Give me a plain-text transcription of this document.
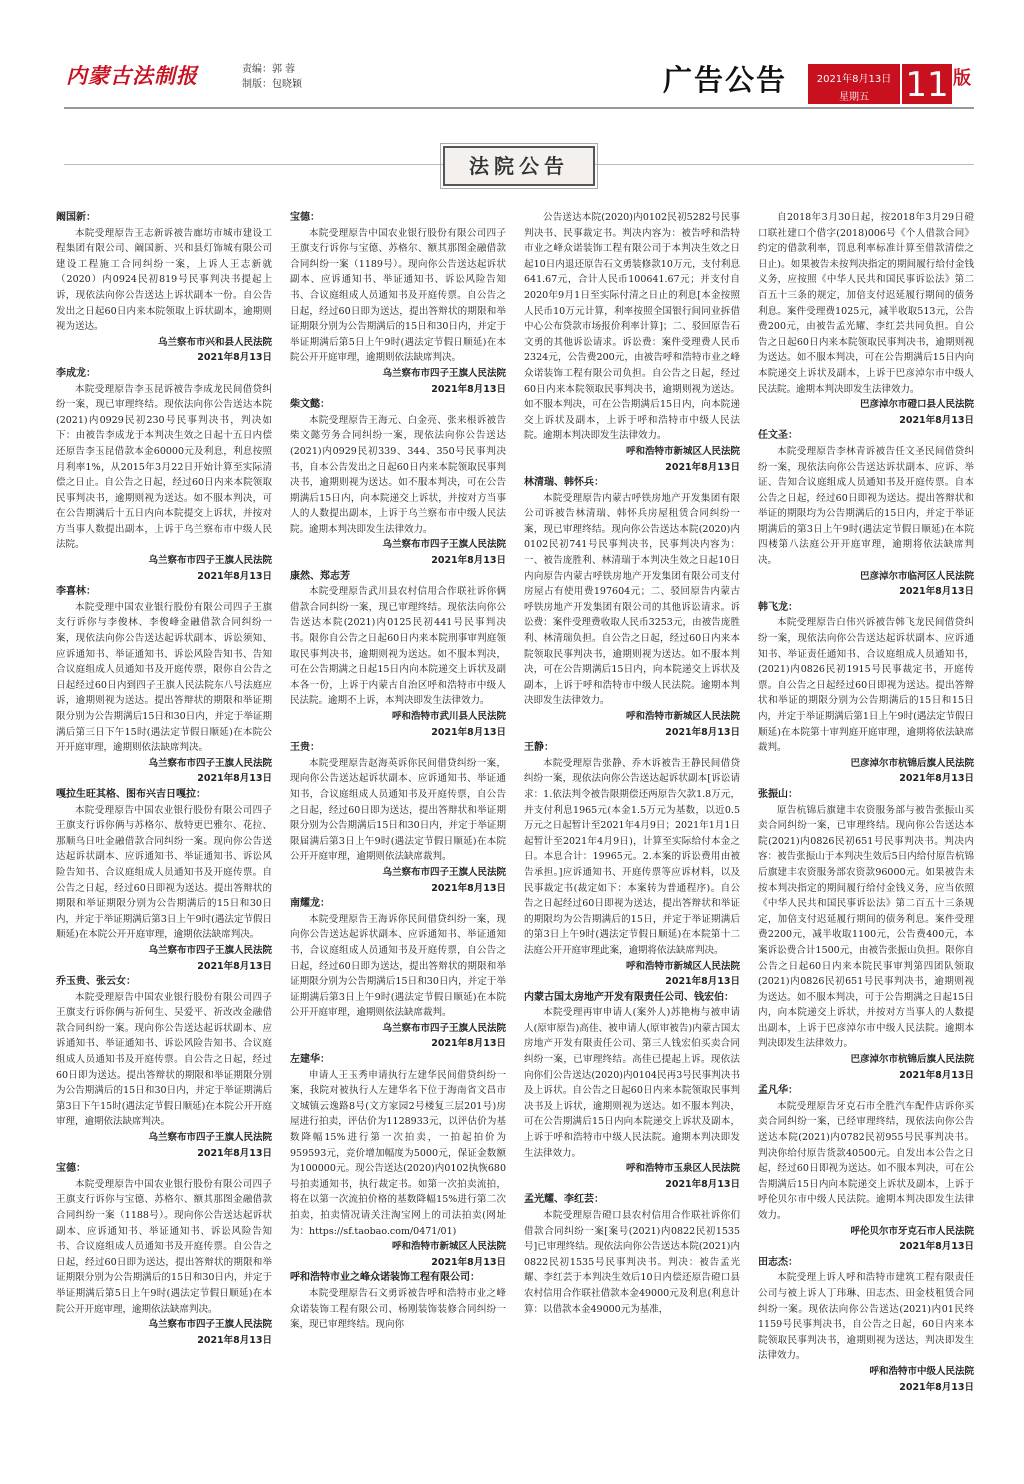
内蒙古法制报	责编：郭 蓉
制版：包晓颖	广告公告	2021年8月13日
星期五	11 版
法院公告
阚国新：
本院受理原告王志新诉被告廊坊市城市建设工程集团有限公司、阚国新、兴和县灯饰城有限公司建设工程施工合同纠纷一案，上诉人王志新就（2020）内0924民初819号民事判决书提起上诉，现依法向你公告送达上诉状副本一份。自公告发出之日起60日内来本院领取上诉状副本，逾期则视为送达。
乌兰察布市兴和县人民法院
2021年8月13日
李成龙：
本院受理原告李玉昆诉被告李成龙民间借贷纠纷一案，现已审理终结。现依法向你公告送达本院(2021)内0929民初230号民事判决书，判决如下：由被告李成龙于本判决生效之日起十五日内偿还原告李玉昆借款本金60000元及利息，利息按照月利率1%，从2015年3月22日开始计算至实际清偿之日止。自公告之日起，经过60日内来本院领取民事判决书，逾期则视为送达。如不服本判决，可在公告期满后十五日内向本院提交上诉状，并按对方当事人数提出副本，上诉于乌兰察布市中级人民法院。
乌兰察布市四子王旗人民法院
2021年8月13日
李喜林：
本院受理中国农业银行股份有限公司四子王旗支行诉你与李俊林、李俊峰金融借款合同纠纷一案，现依法向你公告送达起诉状副本、诉讼须知、应诉通知书、举证通知书、诉讼风险告知书、告知合议庭组成人员通知书及开庭传票，限你自公告之日起经过60日内到四子王旗人民法院东八号法庭应诉，逾期则视为送达。提出答辩状的期限和举证期限分别为公告期满后15日和30日内，并定于举证期满后第三日下午15时(遇法定节假日顺延)在本院公开开庭审理，逾期则依法缺席判决。
乌兰察布市四子王旗人民法院
2021年8月13日
嘎拉生旺其格、图布兴吉日嘎拉：
本院受理原告中国农业银行股份有限公司四子王旗支行诉你俩与苏格尔、敖特更巴雅尔、花拉、那顺乌日吐金融借款合同纠纷一案。现向你公告送达起诉状副本、应诉通知书、举证通知书、诉讼风险告知书、合议庭组成人员通知书及开庭传票。自公告之日起，经过60日即视为送达。提出答辩状的期限和举证期限分别为公告期满后的15日和30日内，并定于举证期满后第3日上午9时(遇法定节假日顺延)在本院公开开庭审理，逾期依法缺席判决。
乌兰察布市四子王旗人民法院
2021年8月13日
乔玉贵、张云女：
本院受理原告中国农业银行股份有限公司四子王旗支行诉你俩与祈何生、吴爱平、祈改改金融借款合同纠纷一案。现向你公告送达起诉状副本、应诉通知书、举证通知书、诉讼风险告知书、合议庭组成人员通知书及开庭传票。自公告之日起，经过60日即为送达。提出答辩状的期限和举证期限分别为公告期满后的15日和30日内，并定于举证期满后第3日下午15时(遇法定节假日顺延)在本院公开开庭审理，逾期依法缺席判决。
乌兰察布市四子王旗人民法院
2021年8月13日
宝德：
本院受理原告中国农业银行股份有限公司四子王旗支行诉你与宝德、苏格尔、额其那图金融借款合同纠纷一案（1188号）。现向你公告送达起诉状副本、应诉通知书、举证通知书、诉讼风险告知书、合议庭组成人员通知书及开庭传票。自公告之日起，经过60日即为送达，提出答辩状的期限和举证期限分别为公告期满后的15日和30日内，并定于举证期满后第5日上午9时(遇法定节假日顺延)在本院公开开庭审理，逾期依法缺席判决。
乌兰察布市四子王旗人民法院
2021年8月13日
宝德：
本院受理原告中国农业银行股份有限公司四子王旗支行诉你与宝德、苏格尔、额其那图金融借款合同纠纷一案（1189号）。现向你公告送达起诉状副本、应诉通知书、举证通知书、诉讼风险告知书、合议庭组成人员通知书及开庭传票。自公告之日起，经过60日即为送达，提出答辩状的期限和举证期限分别为公告期满后的15日和30日内，并定于举证期满后第5日上午9时(遇法定节假日顺延)在本院公开开庭审理，逾期则依法缺席判决。
乌兰察布市四子王旗人民法院
2021年8月13日
柴文懿：
本院受理原告王海元、白金亮、张来根诉被告柴文懿劳务合同纠纷一案，现依法向你公告送达(2021)内0929民初339、344、350号民事判决书，自本公告发出之日起60日内来本院领取民事判决书，逾期则视为送达。如不服本判决，可在公告期满后15日内，向本院递交上诉状，并按对方当事人的人数提出副本，上诉于乌兰察布市中级人民法院。逾期本判决即发生法律效力。
乌兰察布市四子王旗人民法院
2021年8月13日
康然、郑志芳
本院受理原告武川县农村信用合作联社诉你俩借款合同纠纷一案，现已审理终结。现依法向你公告送达本院(2021)内0125民初441号民事判决书。限你自公告之日起60日内来本院刑事审判庭领取民事判决书，逾期则视为送达。如不服本判决，可在公告期满之日起15日内向本院递交上诉状及副本各一份，上诉于内蒙古自治区呼和浩特市中级人民法院。逾期不上诉，本判决即发生法律效力。
呼和浩特市武川县人民法院
2021年8月13日
王贵：
本院受理原告赵海英诉你民间借贷纠纷一案，现向你公告送达起诉状副本、应诉通知书、举证通知书，合议庭组成人员通知书及开庭传票，自公告之日起，经过60日即为送达，提出答辩状和举证期限分别为公告期满后15日和30日内，并定于举证期限届满后第3日上午9时(遇法定节假日顺延)在本院公开开庭审理，逾期则依法缺席裁判。
乌兰察布市四子王旗人民法院
2021年8月13日
南耀龙：
本院受理原告王海诉你民间借贷纠纷一案，现向你公告送达起诉状副本、应诉通知书、举证通知书，合议庭组成人员通知书及开庭传票，自公告之日起，经过60日即为送达，提出答辩状的期限和举证期限分别为公告期满后15日和30日内，并定于举证期满后第3日上午9时(遇法定节假日顺延)在本院公开开庭审理，逾期则依法缺席裁判。
乌兰察布市四子王旗人民法院
2021年8月13日
左建华：
申请人王玉秀申请执行左建华民间借贷纠纷一案，我院对被执行人左建华名下位于海南省文昌市文城镇云逸路8号(文方家园2号楼复三层201号)房屋进行拍卖，评估价为1128933元，以评估价为基数降幅15%进行第一次拍卖，一拍起拍价为959593元，竞价增加幅度为5000元，保证金数额为100000元。现公告送达(2020)内0102执恢680号拍卖通知书，执行裁定书。如第一次拍卖流拍，将在以第一次流拍价格的基数降幅15%进行第二次拍卖，拍卖情况请关注淘宝网上的司法拍卖(网址为：https://sf.taobao.com/0471/01)
呼和浩特市新城区人民法院
2021年8月13日
呼和浩特市业之峰众诺装饰工程有限公司：
本院受理原告石文勇诉被告呼和浩特市业之峰众诺装饰工程有限公司、杨刚装饰装修合同纠纷一案，现已审理终结。现向你
公告送达本院(2020)内0102民初5282号民事判决书、民事裁定书。判决内容为：被告呼和浩特市业之峰众诺装饰工程有限公司于本判决生效之日起10日内退还原告石文勇装修款10万元，支付利息641.67元，合计人民币100641.67元；并支付自2020年9月1日至实际付清之日止的利息[本金按照人民币10万元计算，利率按照全国银行间同业拆借中心公布贷款市场报价利率计算]；二、驳回原告石文勇的其他诉讼请求。诉讼费：案件受理费人民币2324元，公告费200元，由被告呼和浩特市业之峰众诺装饰工程有限公司负担。自公告之日起，经过60日内来本院领取民事判决书，逾期则视为送达。如不服本判决，可在公告期满后15日内，向本院递交上诉状及副本，上诉于呼和浩特市中级人民法院。逾期本判决即发生法律效力。
呼和浩特市新城区人民法院
2021年8月13日
林清瑞、韩怀兵：
本院受理原告内蒙古呼铁房地产开发集团有限公司诉被告林清瑞、韩怀兵房屋租赁合同纠纷一案，现已审理终结。现向你公告送达本院(2020)内0102民初741号民事判决书，民事判决内容为：一、被告庞胜利、林清瑞于本判决生效之日起10日内向原告内蒙古呼铁房地产开发集团有限公司支付房屋占有使用费197604元；二、驳回原告内蒙古呼铁房地产开发集团有限公司的其他诉讼请求。诉讼费：案件受理费收取人民币3253元，由被告庞胜利、林清瑞负担。自公告之日起，经过60日内来本院领取民事判决书，逾期则视为送达。如不服本判决，可在公告期满后15日内，向本院递交上诉状及副本，上诉于呼和浩特市中级人民法院。逾期本判决即发生法律效力。
呼和浩特市新城区人民法院
2021年8月13日
王静：
本院受理原告张静、乔木诉被告王静民间借贷纠纷一案，现依法向你公告送达起诉状副本[诉讼请求：1.依法判令被告限期偿还两原告欠款1.8万元，并支付利息1965元(本金1.5万元为基数，以近0.5万元之日起暂计至2021年4月9日；2021年1月1日起暂计至2021年4月9日)，计算至实际给付本金之日。本息合计：19965元。2.本案的诉讼费用由被告承担。]应诉通知书、开庭传票等应诉材料，以及民事裁定书(裁定如下：本案转为普通程序)。自公告之日起经过60日即视为送达，提出答辩状和举证的期限均为公告期满后的15日，并定于举证期满后的第3日上午9时(遇法定节假日顺延)在本院第十二法庭公开开庭审理此案，逾期将依法缺席判决。
呼和浩特市新城区人民法院
2021年8月13日
内蒙古国太房地产开发有限责任公司、钱宏伯：
本院受理再审申请人(案外人)苏艳梅与被申请人(原审原告)高佳、被申请人(原审被告)内蒙古国太房地产开发有限责任公司、第三人钱宏伯买卖合同纠纷一案，已审理终结。高佳已提起上诉。现依法向你们公告送达(2020)内0104民再3号民事判决书及上诉状。自公告之日起60日内来本院领取民事判决书及上诉状，逾期则视为送达。如不服本判决，可在公告期满后15日内向本院递交上诉状及副本，上诉于呼和浩特市中级人民法院。逾期本判决即发生法律效力。
呼和浩特市玉泉区人民法院
2021年8月13日
孟光耀、李红芸：
本院受理原告磴口县农村信用合作联社诉你们借款合同纠纷一案[案号(2021)内0822民初1535号]已审理终结。现依法向你公告送达本院(2021)内0822民初1535号民事判决书。判决：被告孟光耀、李红芸于本判决生效后10日内偿还原告磴口县农村信用合作联社借款本金49000元及利息(利息计算：以借款本金49000元为基准，
自2018年3月30日起，按2018年3月29日磴口联社建口个借字(2018)006号《个人借款合同》约定的借款利率，罚息利率标准计算至借款清偿之日止)。如果被告未按判决指定的期间履行给付金钱义务，应按照《中华人民共和国民事诉讼法》第二百五十三条的规定，加倍支付迟延履行期间的债务利息。案件受理费1025元，减半收取513元，公告费200元，由被告孟光耀、李红芸共同负担。自公告之日起60日内来本院领取民事判决书，逾期则视为送达。如不服本判决，可在公告期满后15日内向本院递交上诉状及副本，上诉于巴彦淖尔市中级人民法院。逾期本判决即发生法律效力。
巴彦淖尔市磴口县人民法院
2021年8月13日
任文圣：
本院受理原告李林青诉被告任文圣民间借贷纠纷一案，现依法向你公告送达诉状副本、应诉、举证、告知合议庭组成人员通知书及开庭传票。自本公告之日起，经过60日即视为送达。提出答辩状和举证的期限均为公告期满后的15日内，并定于举证期满后的第3日上午9时(遇法定节假日顺延)在本院四楼第八法庭公开开庭审理，逾期将依法缺席判决。
巴彦淖尔市临河区人民法院
2021年8月13日
韩飞龙：
本院受理原告白伟兴诉被告韩飞龙民间借贷纠纷一案，现依法向你公告送达起诉状副本、应诉通知书、举证责任通知书、合议庭组成人员通知书，(2021)内0826民初1915号民事裁定书，开庭传票。自公告之日起经过60日即视为送达。提出答辩状和举证的期限分别为公告期满后的15日和15日内，并定于举证期满后第1日上午9时(遇法定节假日顺延)在本院第十审判庭开庭审理，逾期将依法缺席裁判。
巴彦淖尔市杭锦后旗人民法院
2021年8月13日
张振山：
原告杭锦后旗建丰农资服务部与被告张振山买卖合同纠纷一案，已审理终结。现向你公告送达本院(2021)内0826民初651号民事判决书。判决内容：被告张振山于本判决生效后5日内给付原告杭锦后旗建丰农资服务部农资款96000元。如果被告未按本判决指定的期间履行给付金钱义务，应当依照《中华人民共和国民事诉讼法》第二百五十三条规定，加倍支付迟延履行期间的债务利息。案件受理费2200元，减半收取1100元，公告费400元，本案诉讼费合计1500元，由被告张振山负担。限你自公告之日起60日内来本院民事审判第四团队领取(2021)内0826民初651号民事判决书，逾期则视为送达。如不服本判决，可于公告期满之日起15日内，向本院递交上诉状，并按对方当事人的人数提出副本，上诉于巴彦淖尔市中级人民法院。逾期本判决即发生法律效力。
巴彦淖尔市杭锦后旗人民法院
2021年8月13日
孟凡华：
本院受理原告牙克石市全胜汽车配件店诉你买卖合同纠纷一案，已经审理终结，现依法向你公告送达本院(2021)内0782民初955号民事判决书。判决你给付原告货款40500元。自发出本公告之日起，经过60日即视为送达。如不服本判决，可在公告期满后15日内向本院递交上诉状及副本，上诉于呼伦贝尔市中级人民法院。逾期本判决即发生法律效力。
呼伦贝尔市牙克石市人民法院
2021年8月13日
田志杰：
本院受理上诉人呼和浩特市建筑工程有限责任公司与被上诉人丁玮琳、田志杰、田金枝租赁合同纠纷一案。现依法向你公告送达(2021)内01民终1159号民事判决书，自公告之日起，60日内来本院领取民事判决书，逾期则视为送达，判决即发生法律效力。
呼和浩特市中级人民法院
2021年8月13日
